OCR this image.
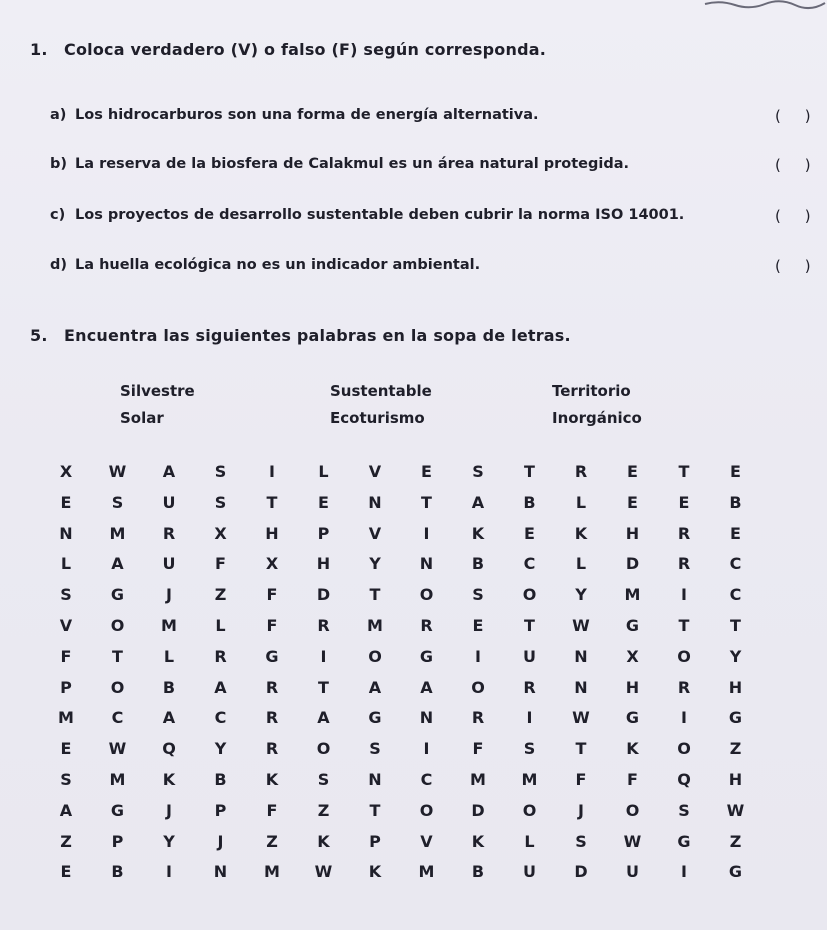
1. Coloca verdadero (V) o falso (F) según corresponda.
a) Los hidrocarburos son una forma de energía alternativa.	(     )
b) La reserva de la biosfera de Calakmul es un área natural protegida.	(     )
c) Los proyectos de desarrollo sustentable deben cubrir la norma ISO 14001.	(     )
d) La huella ecológica no es un indicador ambiental.	(     )
5. Encuentra las siguientes palabras en la sopa de letras.
Silvestre	Sustentable	Territorio
Solar	Ecoturismo	Inorgánico
X	W	A	S	I	L	V	E	S	T	R	E	T	E
E	S	U	S	T	E	N	T	A	B	L	E	E	B
N	M	R	X	H	P	V	I	K	E	K	H	R	E
L	A	U	F	X	H	Y	N	B	C	L	D	R	C
S	G	J	Z	F	D	T	O	S	O	Y	M	I	C
V	O	M	L	F	R	M	R	E	T	W	G	T	T
F	T	L	R	G	I	O	G	I	U	N	X	O	Y
P	O	B	A	R	T	A	A	O	R	N	H	R	H
M	C	A	C	R	A	G	N	R	I	W	G	I	G
E	W	Q	Y	R	O	S	I	F	S	T	K	O	Z
S	M	K	B	K	S	N	C	M	M	F	F	Q	H
A	G	J	P	F	Z	T	O	D	O	J	O	S	W
Z	P	Y	J	Z	K	P	V	K	L	S	W	G	Z
E	B	I	N	M	W	K	M	B	U	D	U	I	G
